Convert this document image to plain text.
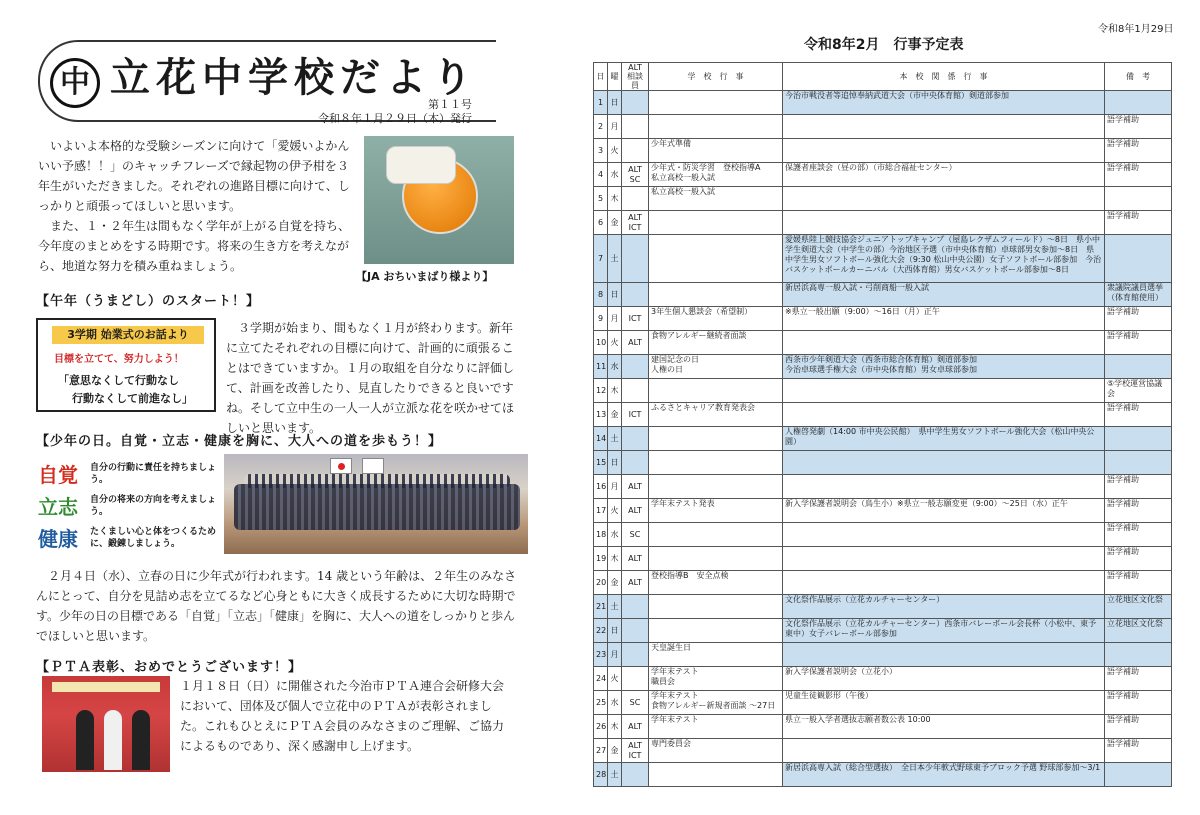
中 立花中学校だより
第１１号
令和８年１月２９日（木）発行
　いよいよ本格的な受験シーズンに向けて「愛媛いよかん　いい予感！！」のキャッチフレーズで縁起物の伊予柑を３年生がいただきました。それぞれの進路目標に向けて、しっかりと頑張ってほしいと思います。
　また、１・２年生は間もなく学年が上がる自覚を持ち、今年度のまとめをする時期です。将来の生き方を考えながら、地道な努力を積み重ねましょう。
【JA おちいまばり様より】
【午年（うまどし）のスタート！】
3学期 始業式のお話より
目標を立てて、努力しよう！
「意思なくして行動なし
行動なくして前進なし」
　３学期が始まり、間もなく１月が終わります。新年に立てたそれぞれの目標に向けて、計画的に頑張ることはできていますか。１月の取組を自分なりに評価して、計画を改善したり、見直したりできると良いですね。そして立中生の一人一人が立派な花を咲かせてほしいと思います。
【少年の日。自覚・立志・健康を胸に、大人への道を歩もう！】
自覚 自分の行動に責任を持ちましょう。
立志 自分の将来の方向を考えましょう。
健康 たくましい心と体をつくるために、鍛錬しましょう。
　２月４日（水）、立春の日に少年式が行われます。14 歳という年齢は、２年生のみなさんにとって、自分を見詰め志を立てるなど心身ともに大きく成長するために大切な時期です。少年の日の目標である「自覚」「立志」「健康」を胸に、大人への道をしっかりと歩んでほしいと思います。
【ＰＴＡ表彰、おめでとうございます！】
１月１８日（日）に開催された今治市ＰＴＡ連合会研修大会において、団体及び個人で立花中のＰＴＡが表彰されました。これもひとえにＰＴＡ会員のみなさまのご理解、ご協力によるものであり、深く感謝申し上げます。
令和8年1月29日
令和8年2月　行事予定表
日	曜	ALT
相談員	学　校　行　事	本　校　関　係　行　事	備　考
1	日			今治市戦没者等追悼奉納武道大会（市中央体育館）剣道部参加	
2	月				語学補助
3	火		少年式準備		語学補助
4	水	ALT
SC	少年式・防災学習　登校指導A
私立高校一般入試	保護者座談会（昼の部）（市総合福祉センター）	語学補助
5	木		私立高校一般入試		
6	金	ALT
ICT			語学補助
7	土			愛媛県陸上競技協会ジュニアトップキャンプ（屋島レクザムフィールド）～8日　県小中学生剣道大会（中学生の部）今治地区予選（市中央体育館）卓球部男女参加～8日　県中学生男女ソフトボール強化大会（9:30 松山中央公園）女子ソフトボール部参加　今治バスケットボールカーニバル（大西体育館）男女バスケットボール部参加～8日	
8	日			新居浜高専一般入試・弓削商船一般入試	衆議院議員選挙
（体育館使用）
9	月	ICT	3年生個人懇談会（希望制）	※県立一般出願（9:00）～16日（月）正午	語学補助
10	火	ALT	食物アレルギー継続者面談		語学補助
11	水		建国記念の日
人権の日	西条市少年剣道大会（西条市総合体育館）剣道部参加
今治卓球選手権大会（市中央体育館）男女卓球部参加	
12	木				⑤学校運営協議会
13	金	ICT	ふるさとキャリア教育発表会		語学補助
14	土			人権啓発劇（14:00 市中央公民館）　県中学生男女ソフトボール強化大会（松山中央公園）	
15	日				
16	月	ALT			語学補助
17	火	ALT	学年末テスト発表	新入学保護者説明会（鳥生小）※県立一般志願変更（9:00）～25日（水）正午	語学補助
18	水	SC			語学補助
19	木	ALT			語学補助
20	金	ALT	登校指導B　安全点検		語学補助
21	土			文化祭作品展示（立花カルチャーセンター）	立花地区文化祭
22	日			文化祭作品展示（立花カルチャーセンター）西条市バレーボール会長杯（小松中、東予東中）女子バレーボール部参加	立花地区文化祭
23	月		天皇誕生日		
24	火		学年末テスト
職員会	新入学保護者説明会（立花小）	語学補助
25	水	SC	学年末テスト
食物アレルギー新規者面談 ～27日	児童生徒観影形（午後）	語学補助
26	木	ALT	学年末テスト	県立一般入学者選抜志願者数公表 10:00	語学補助
27	金	ALT
ICT	専門委員会		語学補助
28	土			新居浜高専入試（総合型選抜）　全日本少年軟式野球東予ブロック予選 野球部参加～3/1	
